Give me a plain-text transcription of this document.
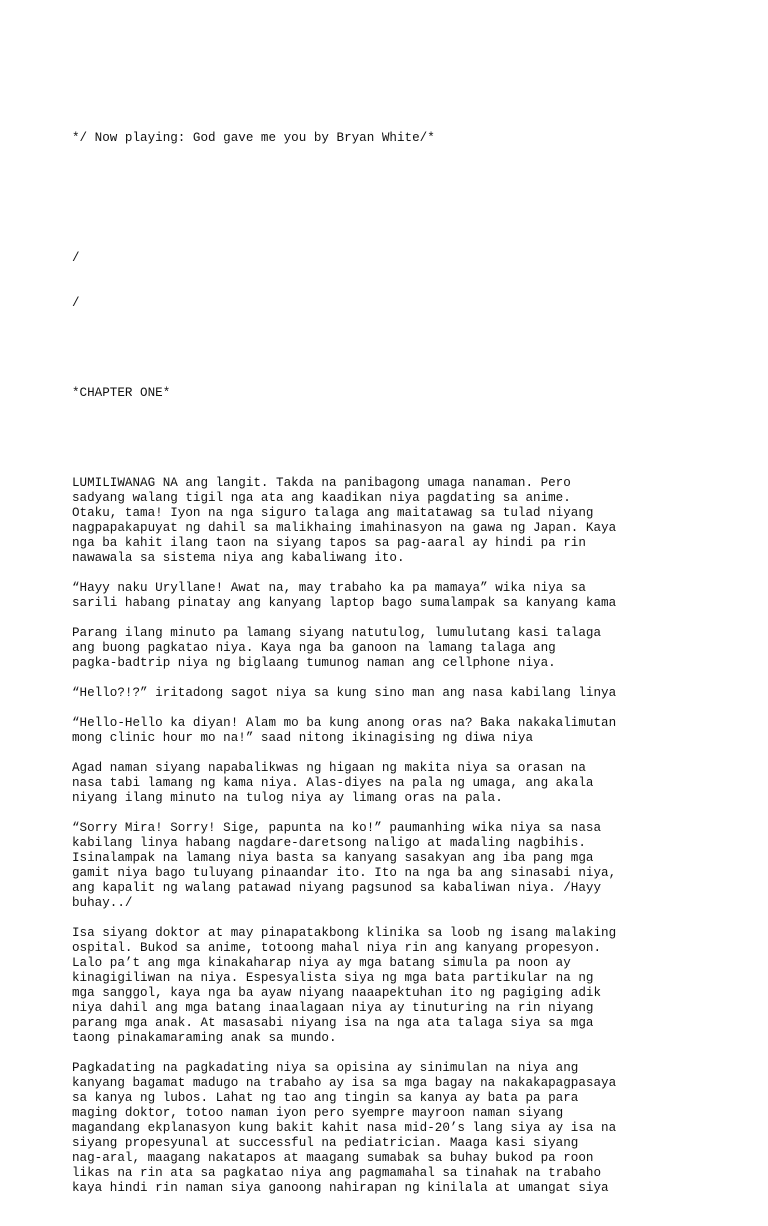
*/ Now playing: God gave me you by Bryan White/*

/

/

*CHAPTER ONE*

LUMILIWANAG NA ang langit. Takda na panibagong umaga nanaman. Pero
sadyang walang tigil nga ata ang kaadikan niya pagdating sa anime.
Otaku, tama! Iyon na nga siguro talaga ang maitatawag sa tulad niyang
nagpapakapuyat ng dahil sa malikhaing imahinasyon na gawa ng Japan. Kaya
nga ba kahit ilang taon na siyang tapos sa pag-aaral ay hindi pa rin
nawawala sa sistema niya ang kabaliwang ito.
“Hayy naku Uryllane! Awat na, may trabaho ka pa mamaya” wika niya sa
sarili habang pinatay ang kanyang laptop bago sumalampak sa kanyang kama
Parang ilang minuto pa lamang siyang natutulog, lumulutang kasi talaga
ang buong pagkatao niya. Kaya nga ba ganoon na lamang talaga ang
pagka-badtrip niya ng biglaang tumunog naman ang cellphone niya.
“Hello?!?” iritadong sagot niya sa kung sino man ang nasa kabilang linya
“Hello-Hello ka diyan! Alam mo ba kung anong oras na? Baka nakakalimutan
mong clinic hour mo na!” saad nitong ikinagising ng diwa niya
Agad naman siyang napabalikwas ng higaan ng makita niya sa orasan na
nasa tabi lamang ng kama niya. Alas-diyes na pala ng umaga, ang akala
niyang ilang minuto na tulog niya ay limang oras na pala.
“Sorry Mira! Sorry! Sige, papunta na ko!” paumanhing wika niya sa nasa
kabilang linya habang nagdare-daretsong naligo at madaling nagbihis.
Isinalampak na lamang niya basta sa kanyang sasakyan ang iba pang mga
gamit niya bago tuluyang pinaandar ito. Ito na nga ba ang sinasabi niya,
ang kapalit ng walang patawad niyang pagsunod sa kabaliwan niya. /Hayy
buhay../
Isa siyang doktor at may pinapatakbong klinika sa loob ng isang malaking
ospital. Bukod sa anime, totoong mahal niya rin ang kanyang propesyon.
Lalo pa’t ang mga kinakaharap niya ay mga batang simula pa noon ay
kinagigiliwan na niya. Espesyalista siya ng mga bata partikular na ng
mga sanggol, kaya nga ba ayaw niyang naaapektuhan ito ng pagiging adik
niya dahil ang mga batang inaalagaan niya ay tinuturing na rin niyang
parang mga anak. At masasabi niyang isa na nga ata talaga siya sa mga
taong pinakamaraming anak sa mundo.
Pagkadating na pagkadating niya sa opisina ay sinimulan na niya ang
kanyang bagamat madugo na trabaho ay isa sa mga bagay na nakakapagpasaya
sa kanya ng lubos. Lahat ng tao ang tingin sa kanya ay bata pa para
maging doktor, totoo naman iyon pero syempre mayroon naman siyang
magandang ekplanasyon kung bakit kahit nasa mid-20’s lang siya ay isa na
siyang propesyunal at successful na pediatrician. Maaga kasi siyang
nag-aral, maagang nakatapos at maagang sumabak sa buhay bukod pa roon
likas na rin ata sa pagkatao niya ang pagmamahal sa tinahak na trabaho
kaya hindi rin naman siya ganoong nahirapan ng kinilala at umangat siya
